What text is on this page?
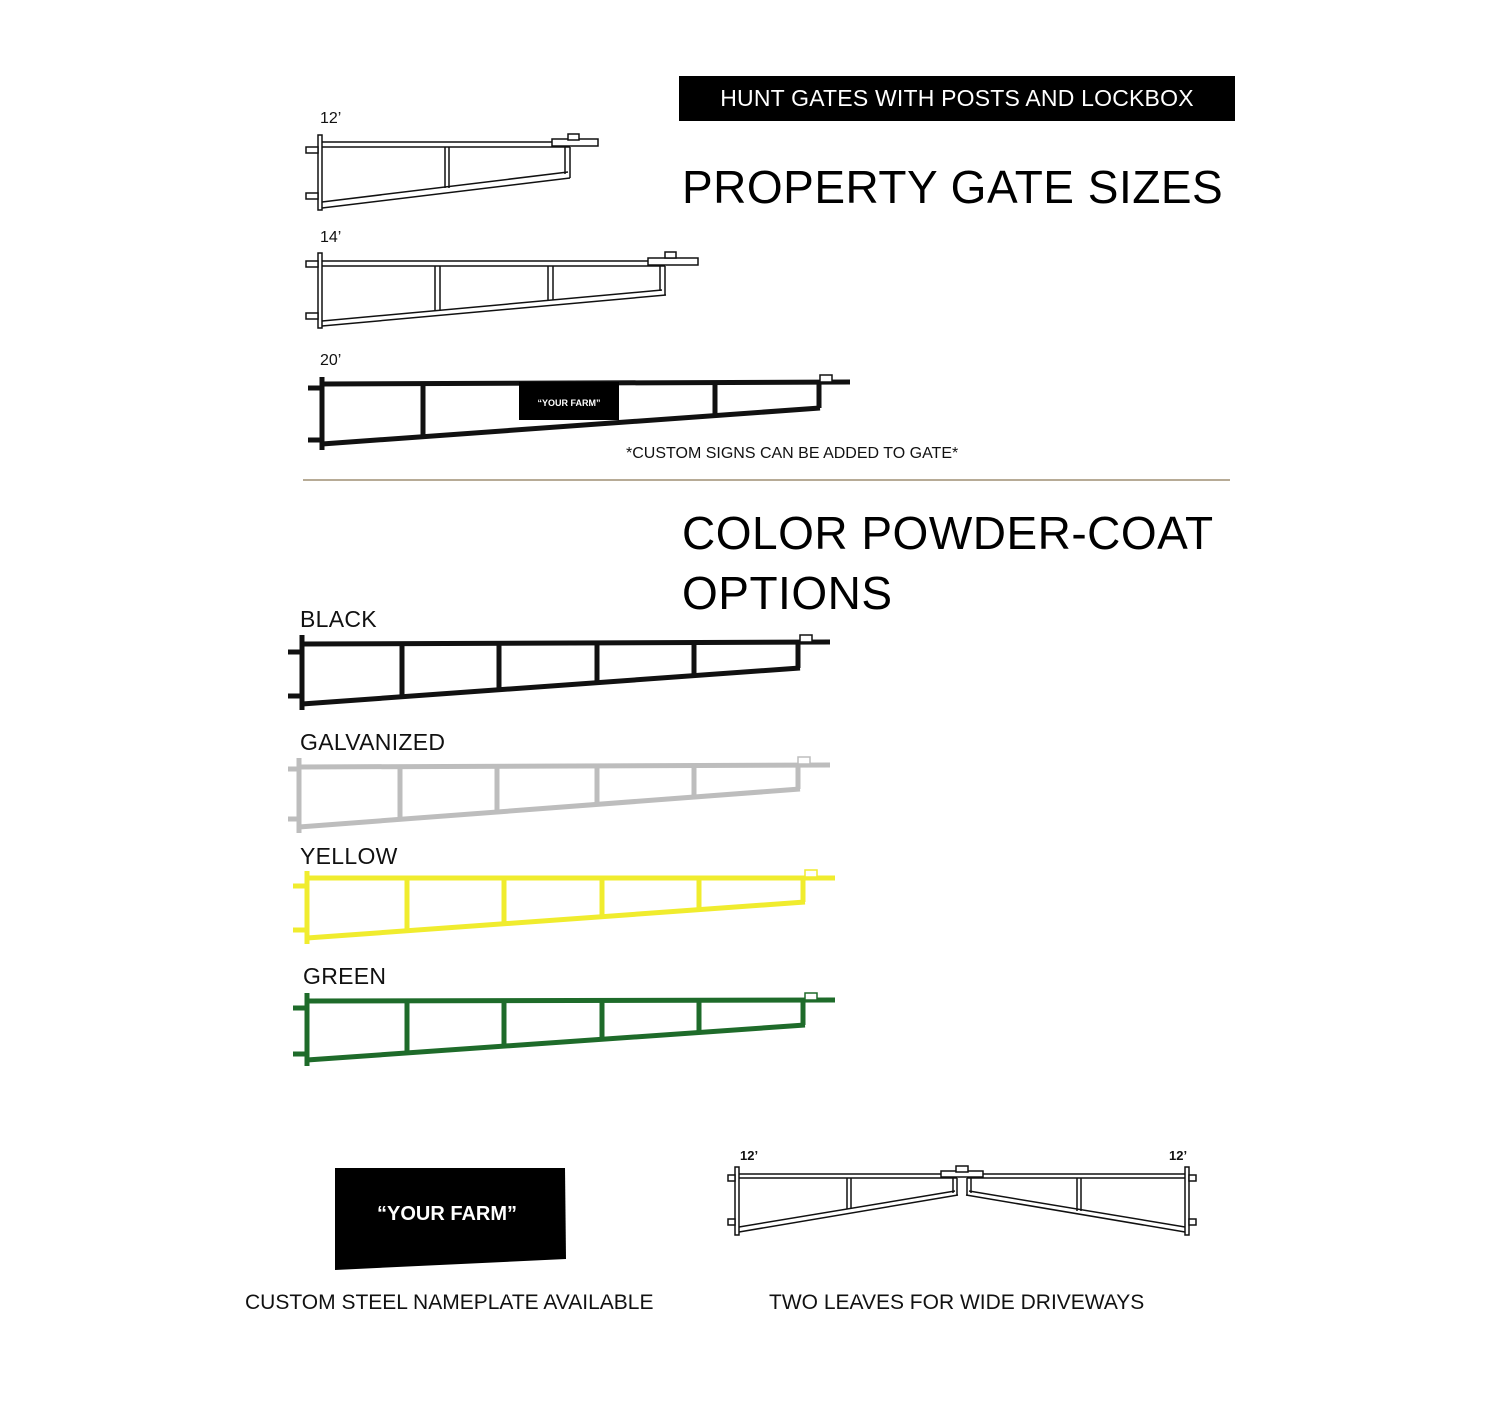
HUNT GATES WITH POSTS AND LOCKBOX
PROPERTY GATE SIZES
12’
14’
20’
“YOUR FARM”
*CUSTOM SIGNS CAN BE ADDED TO GATE*
COLOR POWDER-COAT
OPTIONS
BLACK
GALVANIZED
YELLOW
GREEN
“YOUR FARM”
CUSTOM STEEL NAMEPLATE AVAILABLE
12’	12’
TWO LEAVES FOR WIDE DRIVEWAYS
